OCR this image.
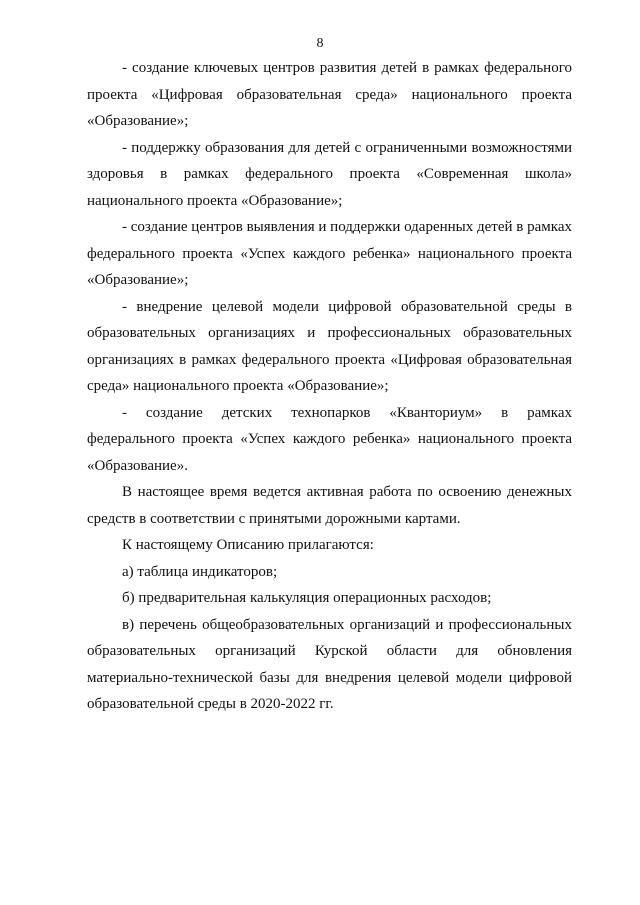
8

- создание ключевых центров развития детей в рамках федерального проекта «Цифровая образовательная среда» национального проекта «Образование»;

- поддержку образования для детей с ограниченными возможностями здоровья в рамках федерального проекта «Современная школа» национального проекта «Образование»;

- создание центров выявления и поддержки одаренных детей в рамках федерального проекта «Успех каждого ребенка» национального проекта «Образование»;

- внедрение целевой модели цифровой образовательной среды в образовательных организациях и профессиональных образовательных организациях в рамках федерального проекта «Цифровая образовательная среда» национального проекта «Образование»;

- создание детских технопарков «Кванториум» в рамках федерального проекта «Успех каждого ребенка» национального проекта «Образование».

В настоящее время ведется активная работа по освоению денежных средств в соответствии с принятыми дорожными картами.

К настоящему Описанию прилагаются:

а) таблица индикаторов;

б) предварительная калькуляция операционных расходов;

в) перечень общеобразовательных организаций и профессиональных образовательных организаций Курской области для обновления материально-технической базы для внедрения целевой модели цифровой образовательной среды в 2020-2022 гг.
